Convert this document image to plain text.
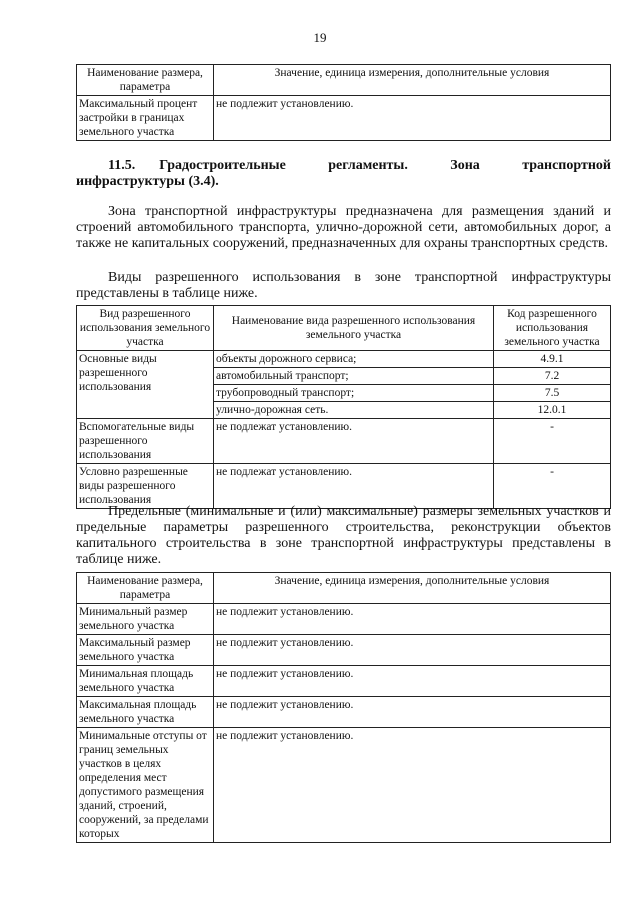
19
Наименование размера, параметра	Значение, единица измерения, дополнительные условия
Максимальный процент застройки в границах земельного участка	не подлежит установлению.
11.5. Градостроительные регламенты. Зона транспортной
инфраструктуры (3.4).
Зона транспортной инфраструктуры предназначена для размещения зданий и строений автомобильного транспорта, улично-дорожной сети, автомобильных дорог, а также не капитальных сооружений, предназначенных для охраны транспортных средств.
Виды разрешенного использования в зоне транспортной инфраструктуры представлены в таблице ниже.
Вид разрешенного использования земельного участка	Наименование вида разрешенного использования земельного участка	Код разрешенного использования земельного участка
Основные виды разрешенного использования	объекты дорожного сервиса;	4.9.1
	автомобильный транспорт;	7.2
	трубопроводный транспорт;	7.5
	улично-дорожная сеть.	12.0.1
Вспомогательные виды разрешенного использования	не подлежат установлению.	-
Условно разрешенные виды разрешенного использования	не подлежат установлению.	-
Предельные (минимальные и (или) максимальные) размеры земельных участков и предельные параметры разрешенного строительства, реконструкции объектов капитального строительства в зоне транспортной инфраструктуры представлены в таблице ниже.
Наименование размера, параметра	Значение, единица измерения, дополнительные условия
Минимальный размер земельного участка	не подлежит установлению.
Максимальный размер земельного участка	не подлежит установлению.
Минимальная площадь земельного участка	не подлежит установлению.
Максимальная площадь земельного участка	не подлежит установлению.
Минимальные отступы от границ земельных участков в целях определения мест допустимого размещения зданий, строений, сооружений, за пределами которых	не подлежит установлению.
